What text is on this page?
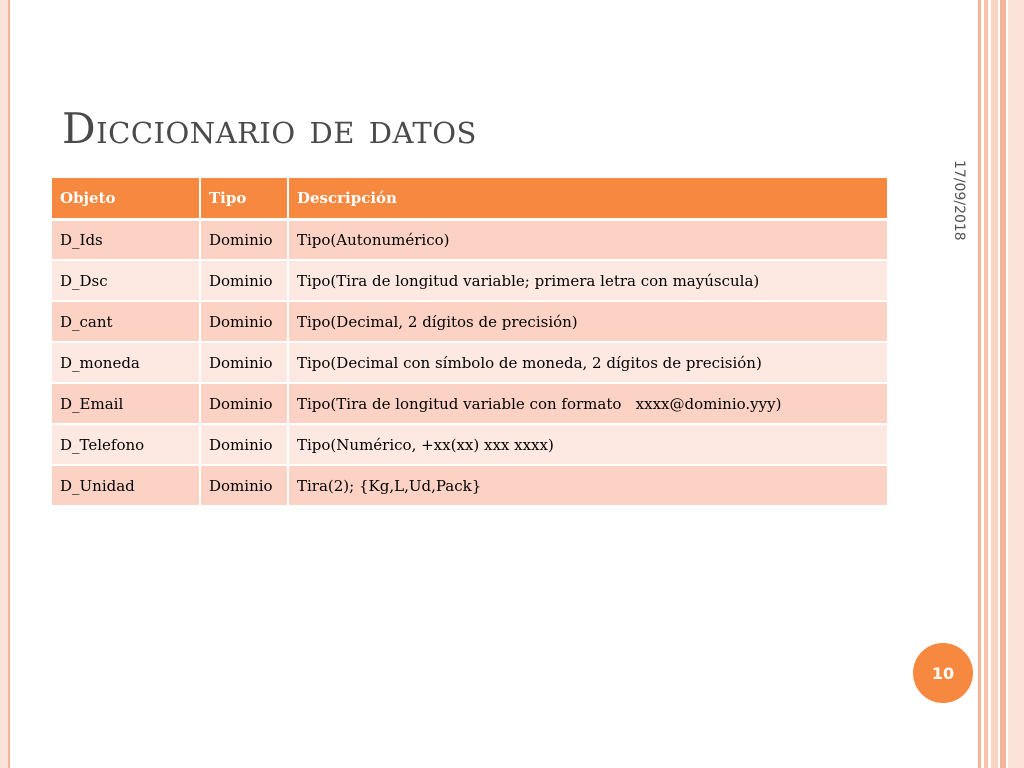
Diccionario de datos
17/09/2018
Objeto	Tipo	Descripción
D_Ids	Dominio	Tipo(Autonumérico)
D_Dsc	Dominio	Tipo(Tira de longitud variable; primera letra con mayúscula)
D_cant	Dominio	Tipo(Decimal, 2 dígitos de precisión)
D_moneda	Dominio	Tipo(Decimal con símbolo de moneda, 2 dígitos de precisión)
D_Email	Dominio	Tipo(Tira de longitud variable con formato   xxxx@dominio.yyy)
D_Telefono	Dominio	Tipo(Numérico, +xx(xx) xxx xxxx)
D_Unidad	Dominio	Tira(2); {Kg,L,Ud,Pack}
10
